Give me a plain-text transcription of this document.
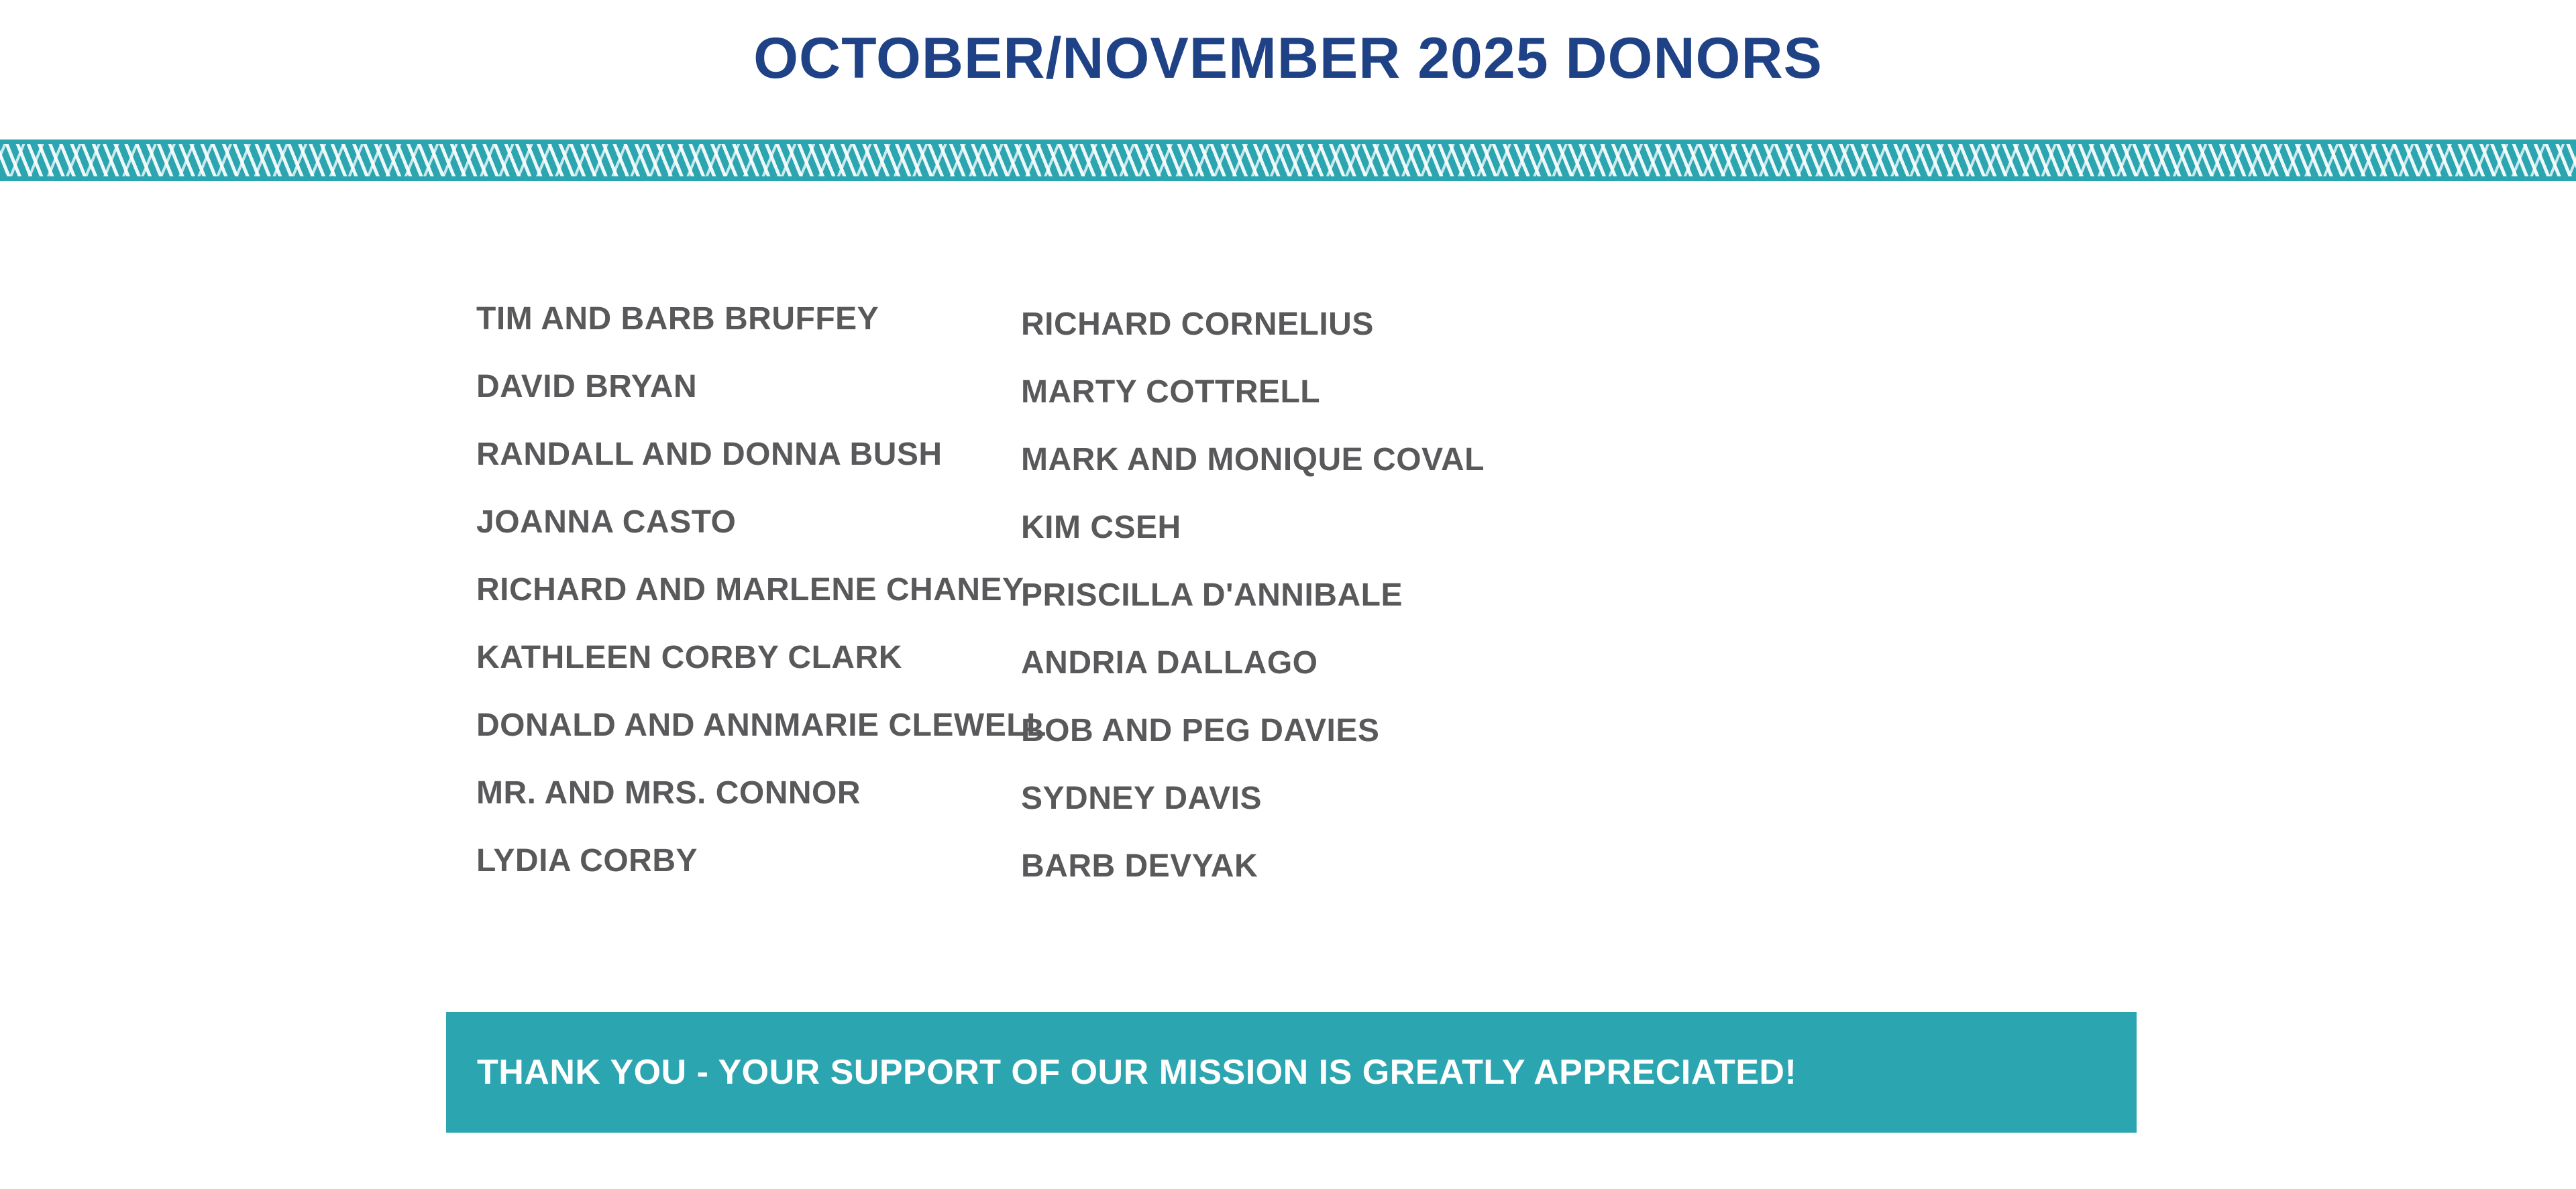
OCTOBER/NOVEMBER 2025 DONORS
TIM AND BARB BRUFFEY
DAVID BRYAN
RANDALL AND DONNA BUSH
JOANNA CASTO
RICHARD AND MARLENE CHANEY
KATHLEEN CORBY CLARK
DONALD AND ANNMARIE CLEWELL
MR. AND MRS. CONNOR
LYDIA CORBY
RICHARD CORNELIUS
MARTY COTTRELL
MARK AND MONIQUE COVAL
KIM CSEH
PRISCILLA D'ANNIBALE
ANDRIA DALLAGO
BOB AND PEG DAVIES
SYDNEY DAVIS
BARB DEVYAK
THANK YOU - YOUR SUPPORT OF OUR MISSION IS GREATLY APPRECIATED!
